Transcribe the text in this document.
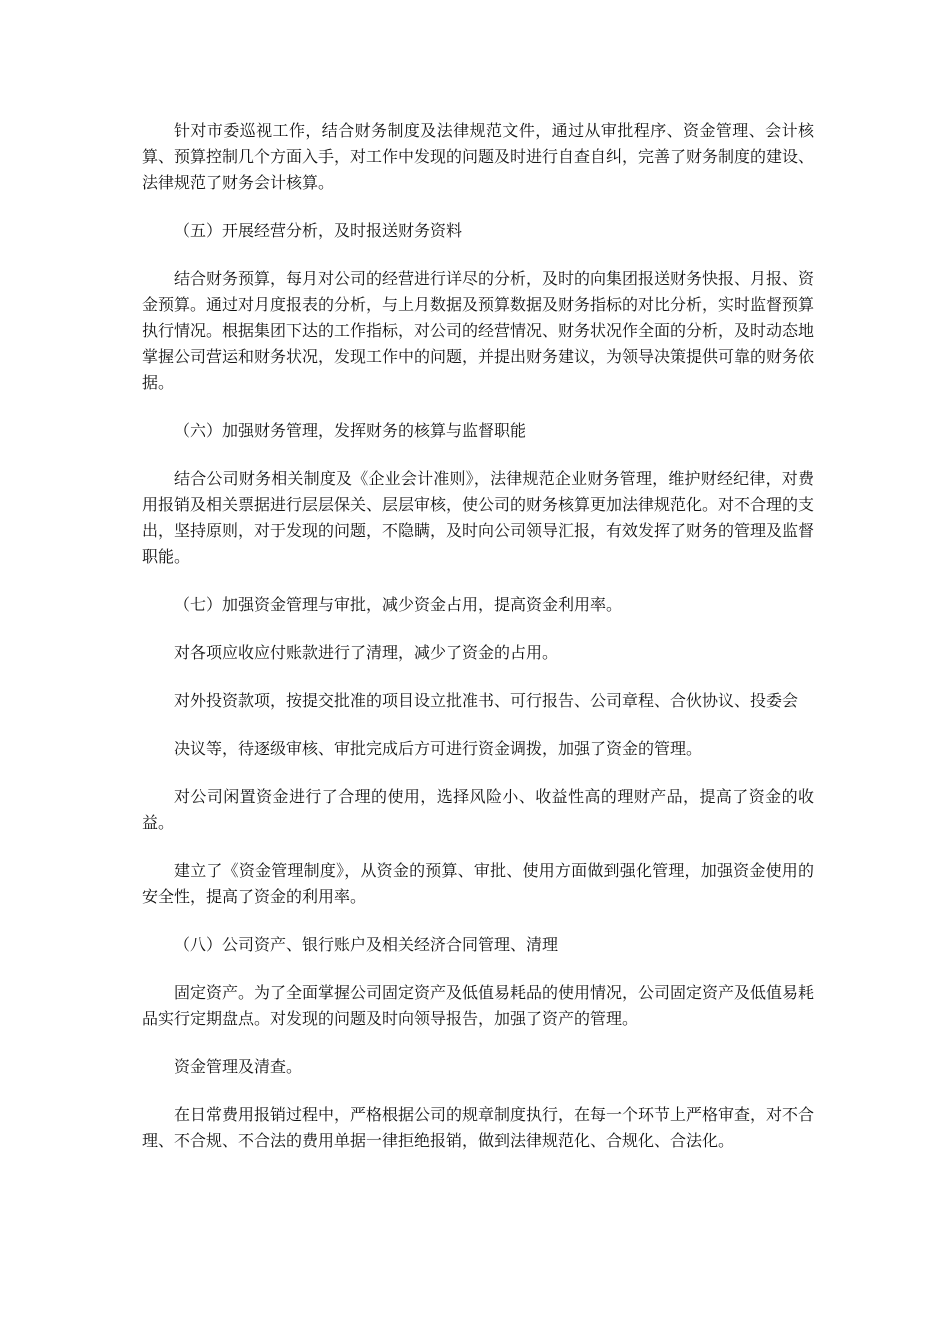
针对市委巡视工作，结合财务制度及法律规范文件，通过从审批程序、资金管理、会计核算、预算控制几个方面入手，对工作中发现的问题及时进行自查自纠，完善了财务制度的建设、法律规范了财务会计核算。

（五）开展经营分析，及时报送财务资料

结合财务预算，每月对公司的经营进行详尽的分析，及时的向集团报送财务快报、月报、资金预算。通过对月度报表的分析，与上月数据及预算数据及财务指标的对比分析，实时监督预算执行情况。根据集团下达的工作指标，对公司的经营情况、财务状况作全面的分析，及时动态地掌握公司营运和财务状况，发现工作中的问题，并提出财务建议，为领导决策提供可靠的财务依据。

（六）加强财务管理，发挥财务的核算与监督职能

结合公司财务相关制度及《企业会计准则》，法律规范企业财务管理，维护财经纪律，对费用报销及相关票据进行层层保关、层层审核，使公司的财务核算更加法律规范化。对不合理的支出，坚持原则，对于发现的问题，不隐瞒，及时向公司领导汇报，有效发挥了财务的管理及监督职能。

（七）加强资金管理与审批，减少资金占用，提高资金利用率。

对各项应收应付账款进行了清理，减少了资金的占用。

对外投资款项，按提交批准的项目设立批准书、可行报告、公司章程、合伙协议、投委会

决议等，待逐级审核、审批完成后方可进行资金调拨，加强了资金的管理。

对公司闲置资金进行了合理的使用，选择风险小、收益性高的理财产品，提高了资金的收益。

建立了《资金管理制度》，从资金的预算、审批、使用方面做到强化管理，加强资金使用的安全性，提高了资金的利用率。

（八）公司资产、银行账户及相关经济合同管理、清理

固定资产。为了全面掌握公司固定资产及低值易耗品的使用情况，公司固定资产及低值易耗品实行定期盘点。对发现的问题及时向领导报告，加强了资产的管理。

资金管理及清查。

在日常费用报销过程中，严格根据公司的规章制度执行，在每一个环节上严格审查，对不合理、不合规、不合法的费用单据一律拒绝报销，做到法律规范化、合规化、合法化。
